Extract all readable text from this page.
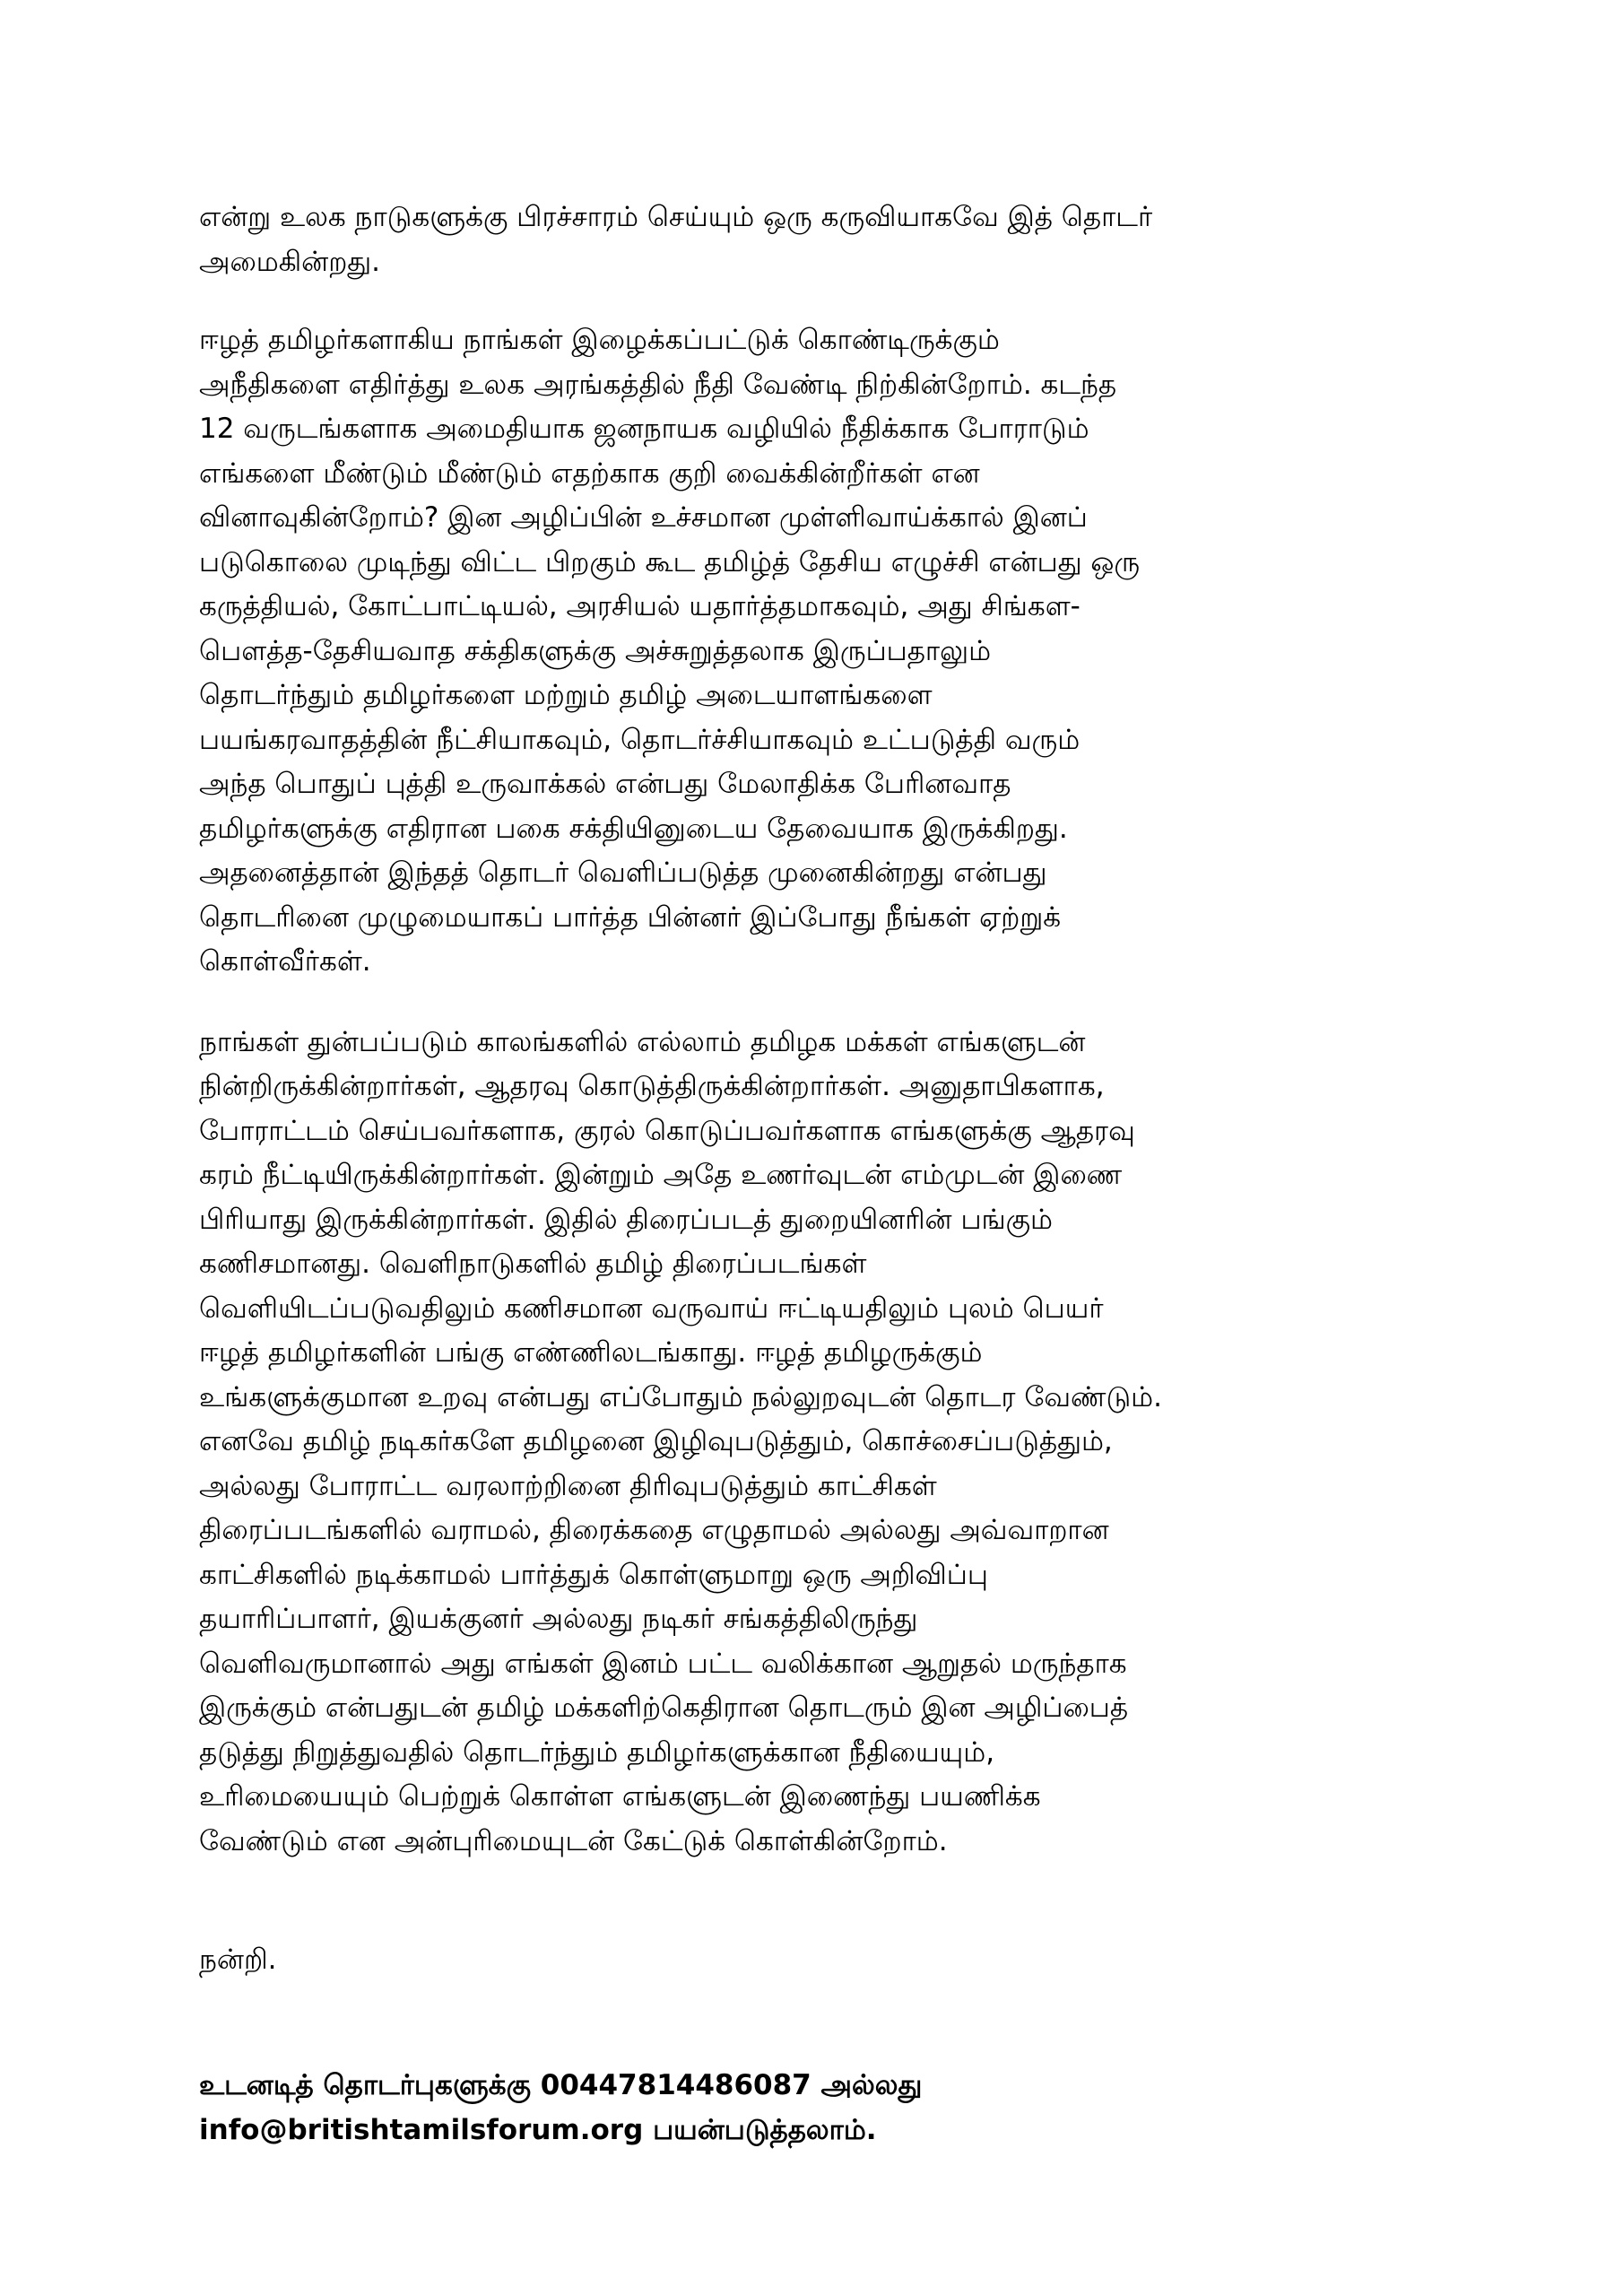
என்று உலக நாடுகளுக்கு பிரச்சாரம் செய்யும் ஒரு கருவியாகவே இத் தொடர்
அமைகின்றது.

ஈழத் தமிழர்களாகிய நாங்கள் இழைக்கப்பட்டுக் கொண்டிருக்கும்
அநீதிகளை எதிர்த்து உலக அரங்கத்தில் நீதி வேண்டி நிற்கின்றோம். கடந்த
12 வருடங்களாக அமைதியாக ஜனநாயக வழியில் நீதிக்காக போராடும்
எங்களை மீண்டும் மீண்டும் எதற்காக குறி வைக்கின்றீர்கள் என
வினாவுகின்றோம்? இன அழிப்பின் உச்சமான முள்ளிவாய்க்கால் இனப்
படுகொலை முடிந்து விட்ட பிறகும் கூட தமிழ்த் தேசிய எழுச்சி என்பது ஒரு
கருத்தியல், கோட்பாட்டியல், அரசியல் யதார்த்தமாகவும், அது சிங்கள-
பௌத்த-தேசியவாத சக்திகளுக்கு அச்சுறுத்தலாக இருப்பதாலும்
தொடர்ந்தும் தமிழர்களை மற்றும் தமிழ் அடையாளங்களை
பயங்கரவாதத்தின் நீட்சியாகவும், தொடர்ச்சியாகவும் உட்படுத்தி வரும்
அந்த பொதுப் புத்தி உருவாக்கல் என்பது மேலாதிக்க பேரினவாத
தமிழர்களுக்கு எதிரான பகை சக்தியினுடைய தேவையாக இருக்கிறது.
அதனைத்தான் இந்தத் தொடர் வெளிப்படுத்த முனைகின்றது என்பது
தொடரினை முழுமையாகப் பார்த்த பின்னர் இப்போது நீங்கள் ஏற்றுக்
கொள்வீர்கள்.

நாங்கள் துன்பப்படும் காலங்களில் எல்லாம் தமிழக மக்கள் எங்களுடன்
நின்றிருக்கின்றார்கள், ஆதரவு கொடுத்திருக்கின்றார்கள். அனுதாபிகளாக,
போராட்டம் செய்பவர்களாக, குரல் கொடுப்பவர்களாக எங்களுக்கு ஆதரவு
கரம் நீட்டியிருக்கின்றார்கள். இன்றும் அதே உணர்வுடன் எம்முடன் இணை
பிரியாது இருக்கின்றார்கள். இதில் திரைப்படத் துறையினரின் பங்கும்
கணிசமானது. வெளிநாடுகளில் தமிழ் திரைப்படங்கள்
வெளியிடப்படுவதிலும் கணிசமான வருவாய் ஈட்டியதிலும் புலம் பெயர்
ஈழத் தமிழர்களின் பங்கு எண்ணிலடங்காது. ஈழத் தமிழருக்கும்
உங்களுக்குமான உறவு என்பது எப்போதும் நல்லுறவுடன் தொடர வேண்டும்.
எனவே தமிழ் நடிகர்களே தமிழனை இழிவுபடுத்தும், கொச்சைப்படுத்தும்,
அல்லது போராட்ட வரலாற்றினை திரிவுபடுத்தும் காட்சிகள்
திரைப்படங்களில் வராமல், திரைக்கதை எழுதாமல் அல்லது அவ்வாறான
காட்சிகளில் நடிக்காமல் பார்த்துக் கொள்ளுமாறு ஒரு அறிவிப்பு
தயாரிப்பாளர், இயக்குனர் அல்லது நடிகர் சங்கத்திலிருந்து
வெளிவருமானால் அது எங்கள் இனம் பட்ட வலிக்கான ஆறுதல் மருந்தாக
இருக்கும் என்பதுடன் தமிழ் மக்களிற்கெதிரான தொடரும் இன அழிப்பைத்
தடுத்து நிறுத்துவதில் தொடர்ந்தும் தமிழர்களுக்கான நீதியையும்,
உரிமையையும் பெற்றுக் கொள்ள எங்களுடன் இணைந்து பயணிக்க
வேண்டும் என அன்புரிமையுடன் கேட்டுக் கொள்கின்றோம்.

நன்றி.

உடனடித் தொடர்புகளுக்கு 00447814486087 அல்லது
info@britishtamilsforum.org பயன்படுத்தலாம்.
